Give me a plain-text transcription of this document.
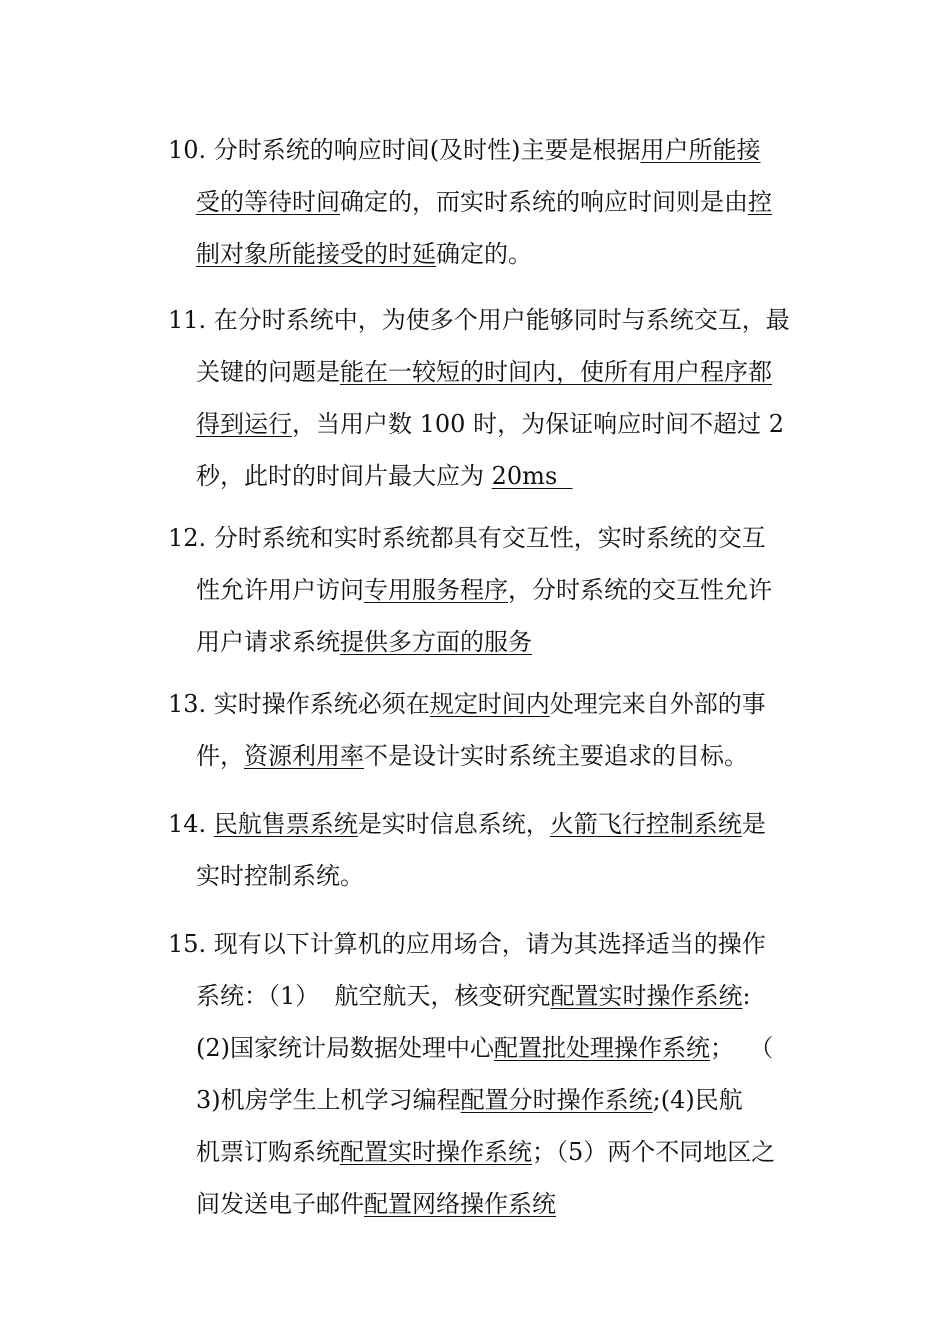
10. 分时系统的响应时间(及时性)主要是根据用户所能接
受的等待时间确定的，而实时系统的响应时间则是由控
制对象所能接受的时延确定的。
11. 在分时系统中，为使多个用户能够同时与系统交互，最
关键的问题是能在一较短的时间内，使所有用户程序都
得到运行，当用户数 100 时，为保证响应时间不超过 2
秒，此时的时间片最大应为 20ms
12. 分时系统和实时系统都具有交互性，实时系统的交互
性允许用户访问专用服务程序，分时系统的交互性允许
用户请求系统提供多方面的服务
13. 实时操作系统必须在规定时间内处理完来自外部的事
件，资源利用率不是设计实时系统主要追求的目标。
14. 民航售票系统是实时信息系统，火箭飞行控制系统是
实时控制系统。
15. 现有以下计算机的应用场合，请为其选择适当的操作
系统：（1）  航空航天，核变研究配置实时操作系统:
(2)国家统计局数据处理中心配置批处理操作系统；  （
3)机房学生上机学习编程配置分时操作系统;(4)民航
机票订购系统配置实时操作系统；（5）两个不同地区之
间发送电子邮件配置网络操作系统
